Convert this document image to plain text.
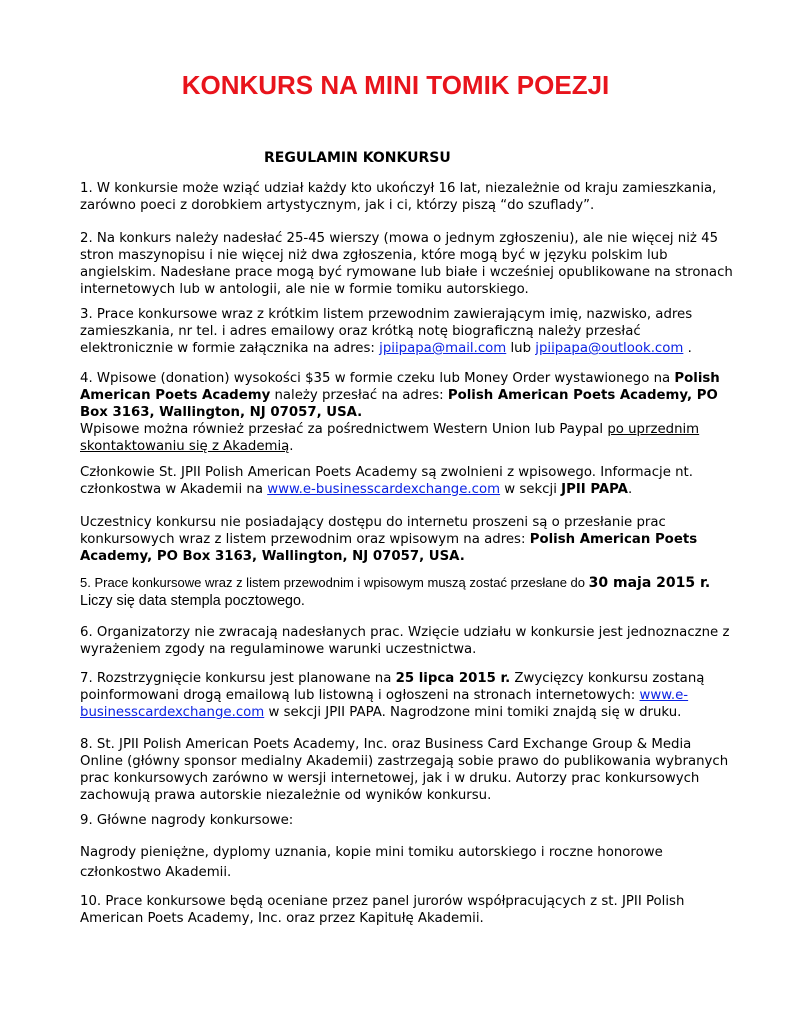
KONKURS NA MINI TOMIK POEZJI
REGULAMIN KONKURSU

1. W konkursie może wziąć udział każdy kto ukończył 16 lat, niezależnie od kraju zamieszkania,
zarówno poeci z dorobkiem artystycznym, jak i ci, którzy piszą “do szuflady”.

2. Na konkurs należy nadesłać 25-45 wierszy (mowa o jednym zgłoszeniu), ale nie więcej niż 45
stron maszynopisu i nie więcej niż dwa zgłoszenia, które mogą być w języku polskim lub
angielskim. Nadesłane prace mogą być rymowane lub białe i wcześniej opublikowane na stronach
internetowych lub w antologii, ale nie w formie tomiku autorskiego.

3. Prace konkursowe wraz z krótkim listem przewodnim zawierającym imię, nazwisko, adres
zamieszkania, nr tel. i adres emailowy oraz krótką notę biograficzną należy przesłać
elektronicznie w formie załącznika na adres: jpiipapa@mail.com lub jpiipapa@outlook.com .

4. Wpisowe (donation) wysokości $35 w formie czeku lub Money Order wystawionego na Polish
American Poets Academy należy przesłać na adres: Polish American Poets Academy, PO
Box 3163, Wallington, NJ 07057, USA.
Wpisowe można również przesłać za pośrednictwem Western Union lub Paypal po uprzednim
skontaktowaniu się z Akademią.

Członkowie St. JPII Polish American Poets Academy są zwolnieni z wpisowego. Informacje nt.
członkostwa w Akademii na www.e-businesscardexchange.com w sekcji JPII PAPA.

Uczestnicy konkursu nie posiadający dostępu do internetu proszeni są o przesłanie prac
konkursowych wraz z listem przewodnim oraz wpisowym na adres: Polish American Poets
Academy, PO Box 3163, Wallington, NJ 07057, USA.

5. Prace konkursowe wraz z listem przewodnim i wpisowym muszą zostać przesłane do 30 maja 2015 r.
Liczy się data stempla pocztowego.

6. Organizatorzy nie zwracają nadesłanych prac. Wzięcie udziału w konkursie jest jednoznaczne z
wyrażeniem zgody na regulaminowe warunki uczestnictwa.

7. Rozstrzygnięcie konkursu jest planowane na 25 lipca 2015 r. Zwycięzcy konkursu zostaną
poinformowani drogą emailową lub listowną i ogłoszeni na stronach internetowych: www.e-
businesscardexchange.com w sekcji JPII PAPA. Nagrodzone mini tomiki znajdą się w druku.

8. St. JPII Polish American Poets Academy, Inc. oraz Business Card Exchange Group & Media
Online (główny sponsor medialny Akademii) zastrzegają sobie prawo do publikowania wybranych
prac konkursowych zarówno w wersji internetowej, jak i w druku. Autorzy prac konkursowych
zachowują prawa autorskie niezależnie od wyników konkursu.

9. Główne nagrody konkursowe:

Nagrody pieniężne, dyplomy uznania, kopie mini tomiku autorskiego i roczne honorowe
członkostwo Akademii.

10. Prace konkursowe będą oceniane przez panel jurorów współpracujących z st. JPII Polish
American Poets Academy, Inc. oraz przez Kapitułę Akademii.
